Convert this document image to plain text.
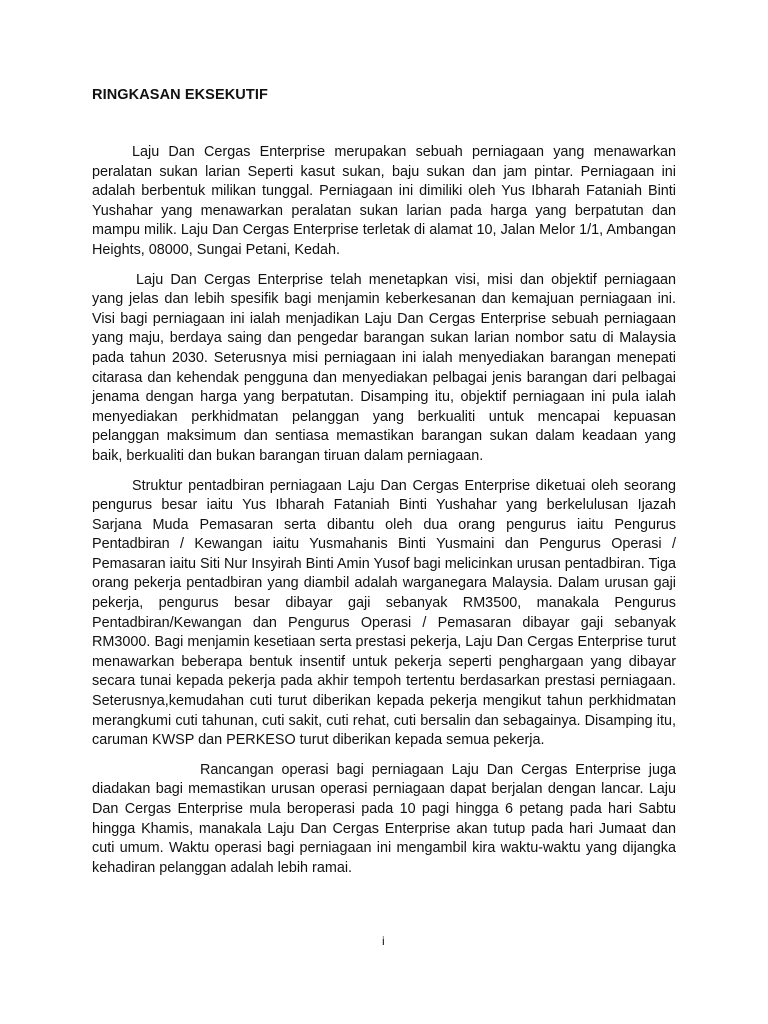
RINGKASAN EKSEKUTIF

Laju Dan Cergas Enterprise merupakan sebuah perniagaan yang menawarkan peralatan sukan larian Seperti kasut sukan, baju sukan dan jam pintar. Perniagaan ini adalah berbentuk milikan tunggal. Perniagaan ini dimiliki oleh Yus Ibharah Fataniah Binti Yushahar yang menawarkan peralatan sukan larian pada harga yang berpatutan dan mampu milik. Laju Dan Cergas Enterprise terletak di alamat 10, Jalan Melor 1/1, Ambangan Heights, 08000, Sungai Petani, Kedah.

Laju Dan Cergas Enterprise telah menetapkan visi, misi dan objektif perniagaan yang jelas dan lebih spesifik bagi menjamin keberkesanan dan kemajuan perniagaan ini. Visi bagi perniagaan ini ialah menjadikan Laju Dan Cergas Enterprise sebuah perniagaan yang maju, berdaya saing dan pengedar barangan sukan larian nombor satu di Malaysia pada tahun 2030. Seterusnya misi perniagaan ini ialah menyediakan barangan menepati citarasa dan kehendak pengguna dan menyediakan pelbagai jenis barangan dari pelbagai jenama dengan harga yang berpatutan. Disamping itu, objektif perniagaan ini pula ialah menyediakan perkhidmatan pelanggan yang berkualiti untuk mencapai kepuasan pelanggan maksimum dan sentiasa memastikan barangan sukan dalam keadaan yang baik, berkualiti dan bukan barangan tiruan dalam perniagaan.

Struktur pentadbiran perniagaan Laju Dan Cergas Enterprise diketuai oleh seorang pengurus besar iaitu Yus Ibharah Fataniah Binti Yushahar yang berkelulusan Ijazah Sarjana Muda Pemasaran serta dibantu oleh dua orang pengurus iaitu Pengurus Pentadbiran / Kewangan iaitu Yusmahanis Binti Yusmaini dan Pengurus Operasi / Pemasaran iaitu Siti Nur Insyirah Binti Amin Yusof bagi melicinkan urusan pentadbiran. Tiga orang pekerja pentadbiran yang diambil adalah warganegara Malaysia. Dalam urusan gaji pekerja, pengurus besar dibayar gaji sebanyak RM3500, manakala Pengurus Pentadbiran/Kewangan dan Pengurus Operasi / Pemasaran dibayar gaji sebanyak RM3000. Bagi menjamin kesetiaan serta prestasi pekerja, Laju Dan Cergas Enterprise turut menawarkan beberapa bentuk insentif untuk pekerja seperti penghargaan yang dibayar secara tunai kepada pekerja pada akhir tempoh tertentu berdasarkan prestasi perniagaan. Seterusnya,kemudahan cuti turut diberikan kepada pekerja mengikut tahun perkhidmatan merangkumi cuti tahunan, cuti sakit, cuti rehat, cuti bersalin dan sebagainya. Disamping itu, caruman KWSP dan PERKESO turut diberikan kepada semua pekerja.

Rancangan operasi bagi perniagaan Laju Dan Cergas Enterprise juga diadakan bagi memastikan urusan operasi perniagaan dapat berjalan dengan lancar. Laju Dan Cergas Enterprise mula beroperasi pada 10 pagi hingga 6 petang pada hari Sabtu hingga Khamis, manakala Laju Dan Cergas Enterprise akan tutup pada hari Jumaat dan cuti umum. Waktu operasi bagi perniagaan ini mengambil kira waktu-waktu yang dijangka kehadiran pelanggan adalah lebih ramai.

i
